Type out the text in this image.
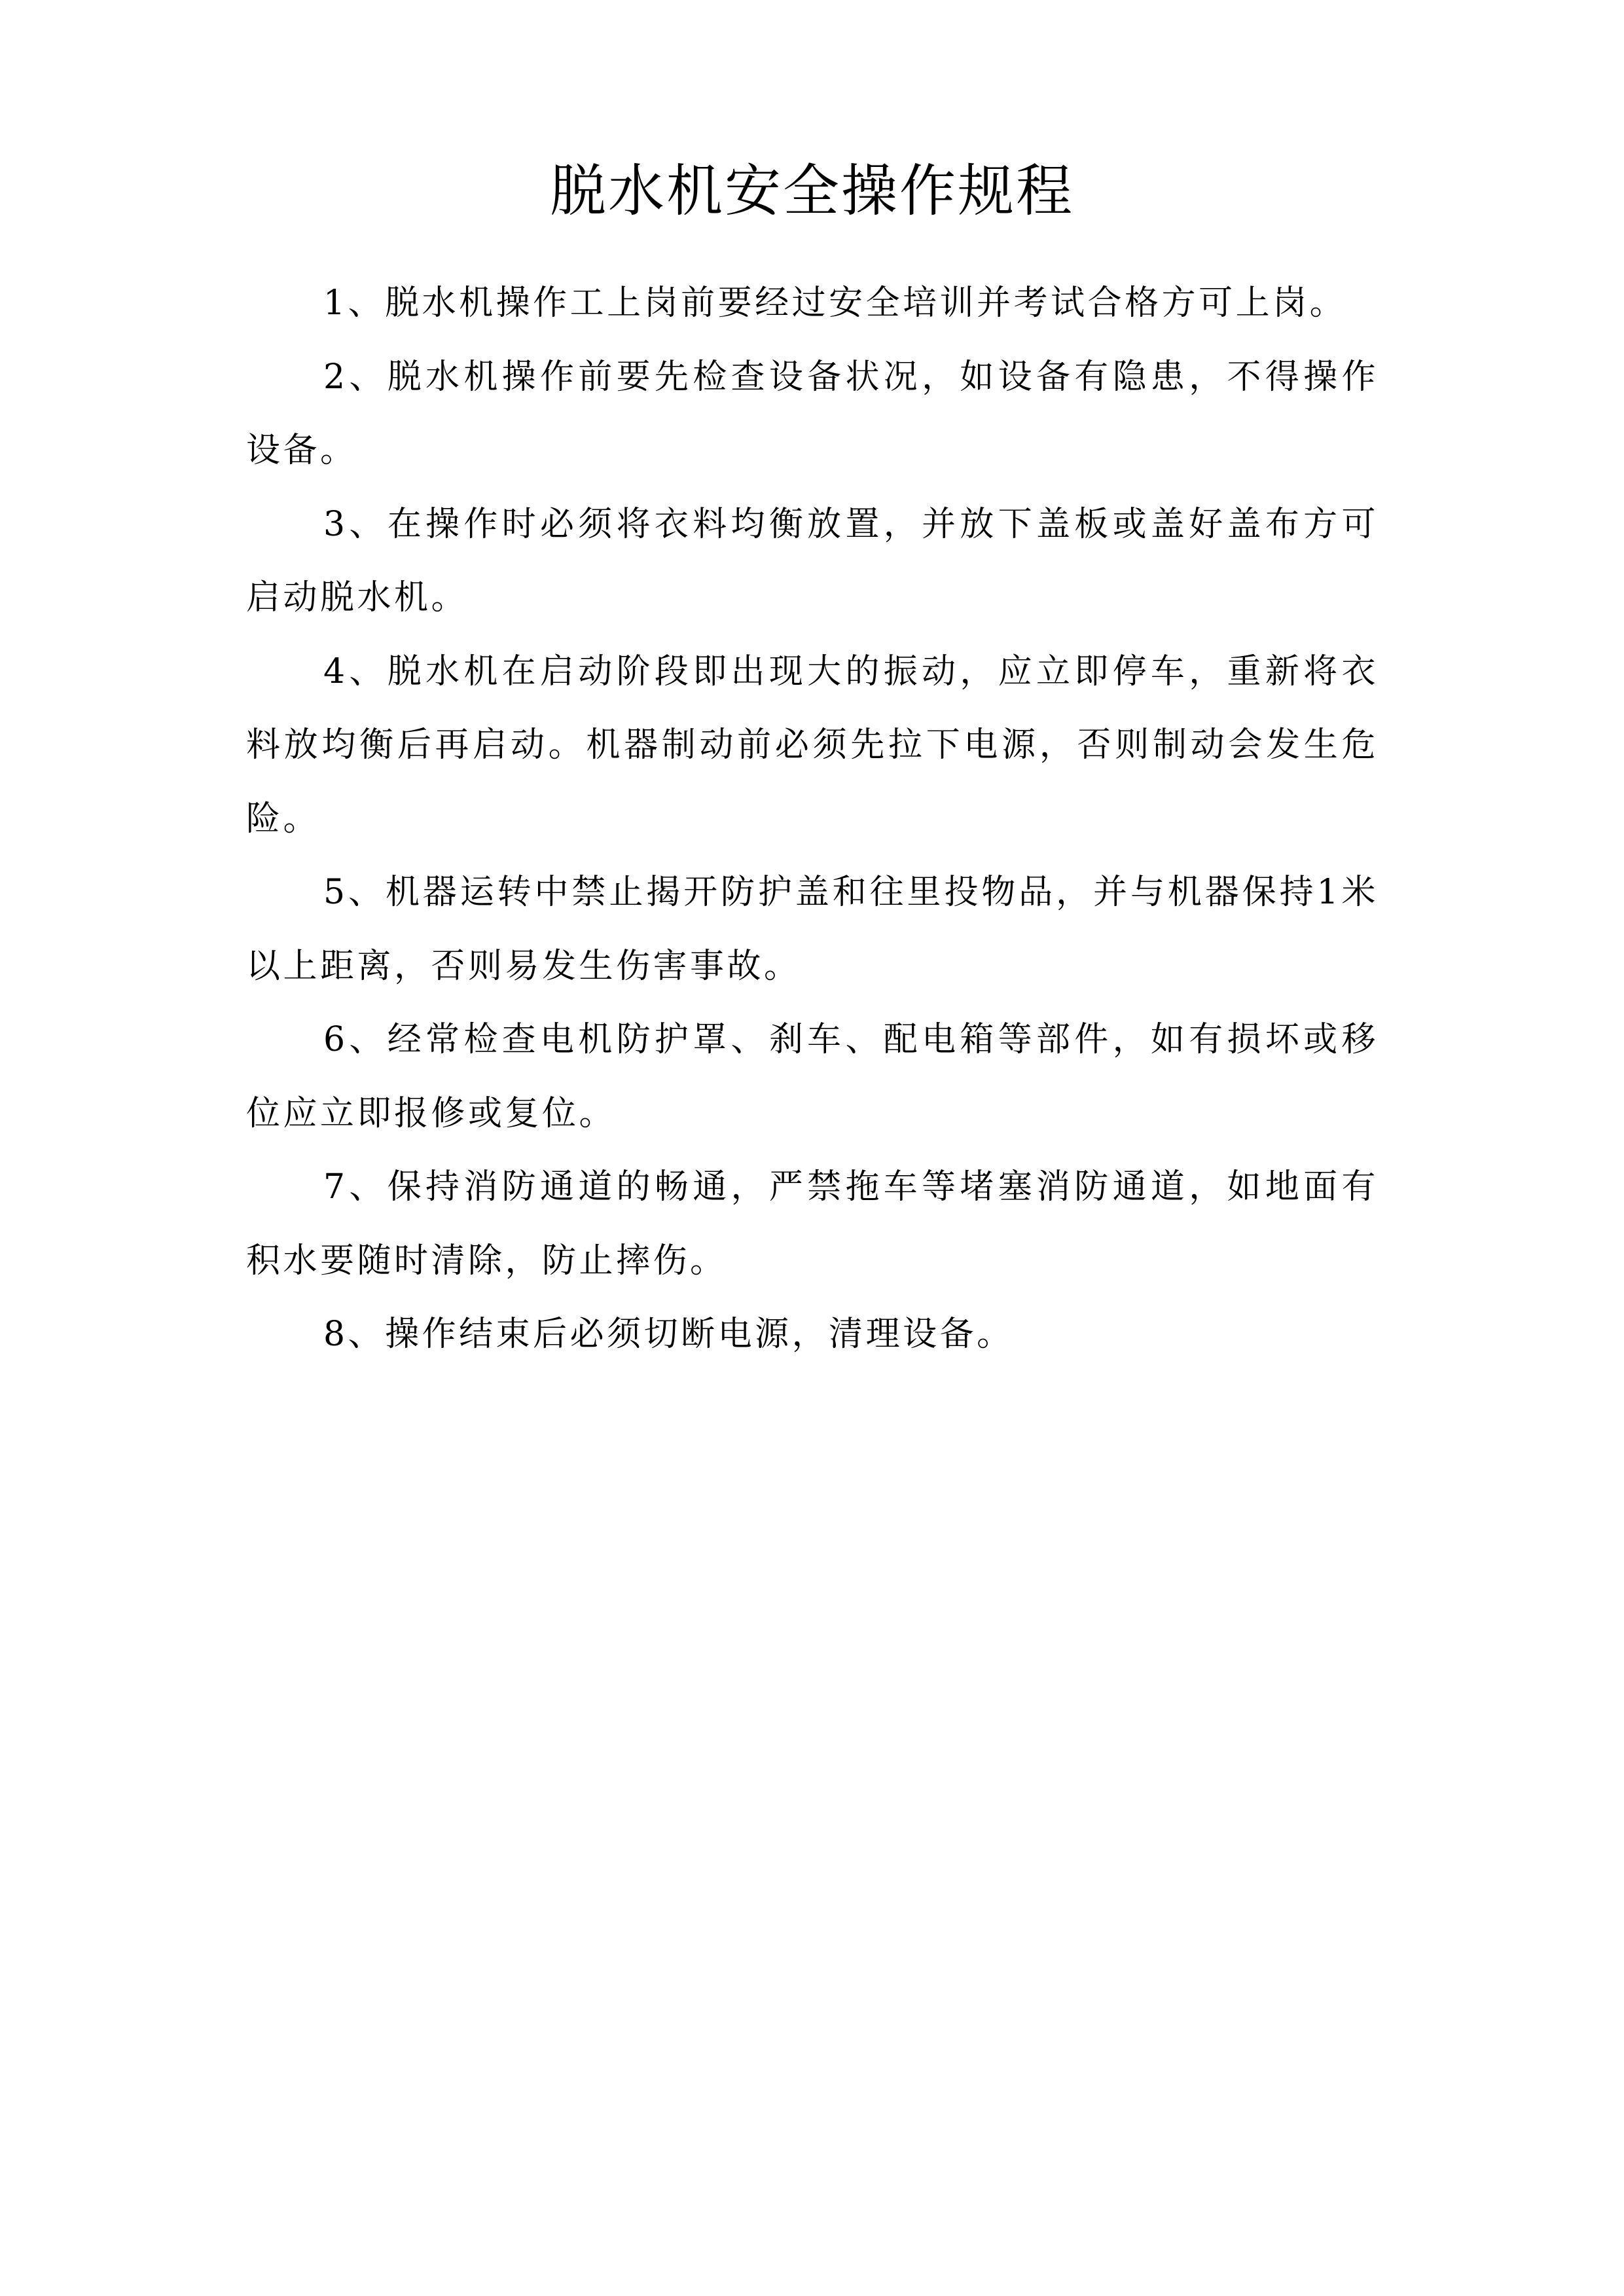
脱水机安全操作规程
1、脱水机操作工上岗前要经过安全培训并考试合格方可上岗。
2、脱水机操作前要先检查设备状况，如设备有隐患，不得操作设备。
3、在操作时必须将衣料均衡放置，并放下盖板或盖好盖布方可启动脱水机。
4、脱水机在启动阶段即出现大的振动，应立即停车，重新将衣料放均衡后再启动。机器制动前必须先拉下电源，否则制动会发生危险。
5、机器运转中禁止揭开防护盖和往里投物品，并与机器保持1米以上距离，否则易发生伤害事故。
6、经常检查电机防护罩、刹车、配电箱等部件，如有损坏或移位应立即报修或复位。
7、保持消防通道的畅通，严禁拖车等堵塞消防通道，如地面有积水要随时清除，防止摔伤。
8、操作结束后必须切断电源，清理设备。
